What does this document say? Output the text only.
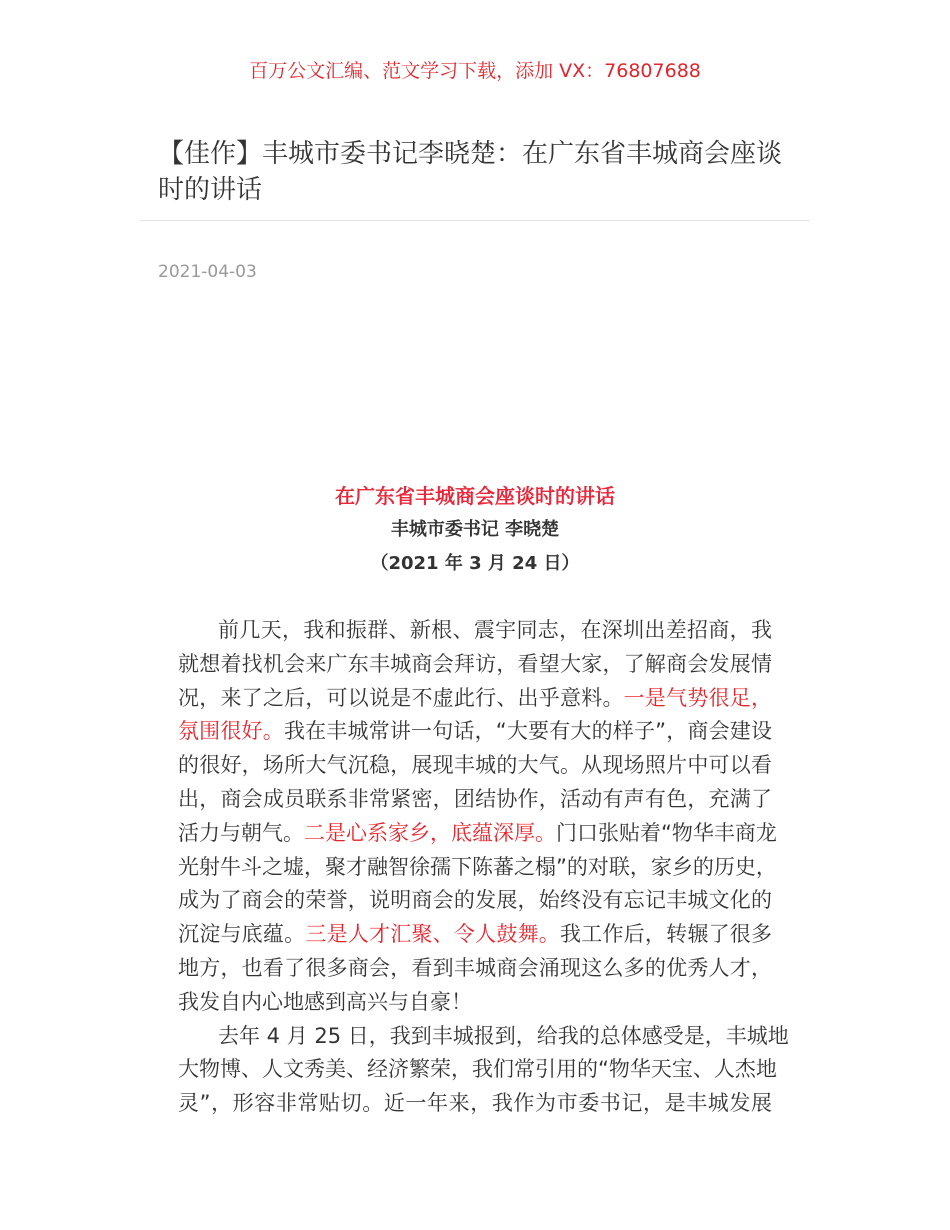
百万公文汇编、范文学习下载，添加 VX：76807688
【佳作】丰城市委书记李晓楚：在广东省丰城商会座谈时的讲话
2021-04-03
在广东省丰城商会座谈时的讲话
丰城市委书记 李晓楚
（2021 年 3 月 24 日）
前几天，我和振群、新根、震宇同志，在深圳出差招商，我
就想着找机会来广东丰城商会拜访，看望大家，了解商会发展情
况，来了之后，可以说是不虚此行、出乎意料。一是气势很足，
氛围很好。我在丰城常讲一句话，“大要有大的样子”，商会建设
的很好，场所大气沉稳，展现丰城的大气。从现场照片中可以看
出，商会成员联系非常紧密，团结协作，活动有声有色，充满了
活力与朝气。二是心系家乡，底蕴深厚。门口张贴着“物华丰商龙
光射牛斗之墟，聚才融智徐孺下陈蕃之榻”的对联，家乡的历史，
成为了商会的荣誉，说明商会的发展，始终没有忘记丰城文化的
沉淀与底蕴。三是人才汇聚、令人鼓舞。我工作后，转辗了很多
地方，也看了很多商会，看到丰城商会涌现这么多的优秀人才，
我发自内心地感到高兴与自豪！
去年 4 月 25 日，我到丰城报到，给我的总体感受是，丰城地
大物博、人文秀美、经济繁荣，我们常引用的“物华天宝、人杰地
灵”，形容非常贴切。近一年来，我作为市委书记，是丰城发展
